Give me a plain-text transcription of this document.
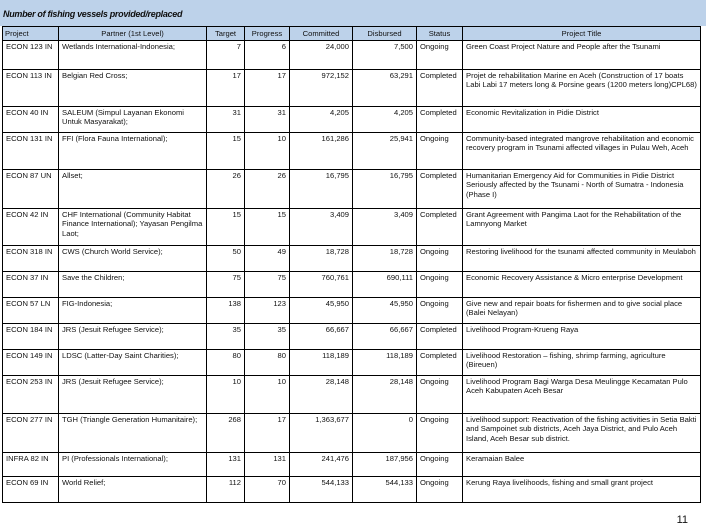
Number of fishing vessels provided/replaced
Project	Partner (1st Level)	Target	Progress	Committed	Disbursed	Status	Project Title
ECON 123 IN	Wetlands International-Indonesia;	7	6	24,000	7,500	Ongoing	Green Coast Project Nature and People after the Tsunami
ECON 113 IN	Belgian Red Cross;	17	17	972,152	63,291	Completed	Projet de rehabilitation Marine en Aceh (Construction of 17 boats Labi Labi 17 meters long & Porsine gears (1200 meters long)CPL68)
ECON 40 IN	SALEUM (Simpul Layanan Ekonomi Untuk Masyarakat);	31	31	4,205	4,205	Completed	Economic Revitalization in Pidie District
ECON 131 IN	FFI (Flora Fauna International);	15	10	161,286	25,941	Ongoing	Community-based integrated mangrove rehabilitation and economic recovery program in Tsunami affected villages in Pulau Weh, Aceh
ECON 87 UN	Allset;	26	26	16,795	16,795	Completed	Humanitarian Emergency Aid for Communities in Pidie District Seriously affected by the Tsunami - North of Sumatra - Indonesia (Phase I)
ECON 42 IN	CHF International (Community Habitat Finance International); Yayasan Pengilma Laot;	15	15	3,409	3,409	Completed	Grant Agreement with Pangima Laot for the Rehabilitation of the Lamnyong Market
ECON 318 IN	CWS (Church World Service);	50	49	18,728	18,728	Ongoing	Restoring livelihood for the tsunami affected community in Meulaboh
ECON 37 IN	Save the Children;	75	75	760,761	690,111	Ongoing	Economic Recovery Assistance & Micro enterprise Development
ECON 57 LN	FIG-Indonesia;	138	123	45,950	45,950	Ongoing	Give new and repair boats for fishermen and to give social place (Balei Nelayan)
ECON 184 IN	JRS (Jesuit Refugee Service);	35	35	66,667	66,667	Completed	Livelihood Program-Krueng Raya
ECON 149 IN	LDSC (Latter-Day Saint Charities);	80	80	118,189	118,189	Completed	Livelihood Restoration – fishing, shrimp farming, agriculture (Bireuen)
ECON 253 IN	JRS (Jesuit Refugee Service);	10	10	28,148	28,148	Ongoing	Livelihood Program Bagi Warga Desa Meulingge Kecamatan Pulo Aceh Kabupaten Aceh Besar
ECON 277 IN	TGH (Triangle Generation Humanitaire);	268	17	1,363,677	0	Ongoing	Livelihood support: Reactivation of the fishing activities in Setia Bakti and Sampoinet sub districts, Aceh Jaya District, and Pulo Aceh Island, Aceh Besar sub district.
INFRA 82 IN	PI (Professionals International);	131	131	241,476	187,956	Ongoing	Keramaian Balee
ECON 69 IN	World Relief;	112	70	544,133	544,133	Ongoing	Kerung Raya livelihoods, fishing and small grant project
11
